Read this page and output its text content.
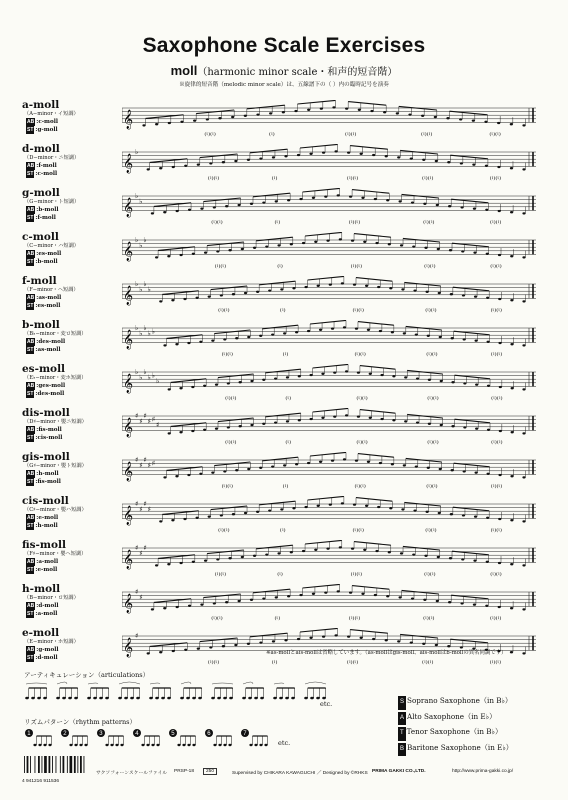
Saxophone Scale Exercises
moll（harmonic minor scale・和声的短音階）
※旋律的短音階（melodic minor scale）は、五線譜下の（ ）内の臨時記号を演奏
a-moll
（A−minor・イ短調）
AB :c-moll
ST :g-moll
𝄞
(♮)(♮)	(♮)	(♮)(♮)	(♮)(♮)	(♮)(♮)
d-moll
（D−minor・ニ短調）
AB :f-moll
ST :c-moll
𝄞
♭
(♮)(♮)	(♮)	(♮)(♮)	(♮)(♮)	(♮)(♮)
g-moll
（G−minor・ト短調）
AB :b-moll
ST :f-moll
𝄞
♭
♭
(♮)(♮)	(♮)	(♮)(♮)	(♮)(♮)	(♮)(♮)
c-moll
（C−minor・ハ短調）
AB :es-moll
ST :b-moll
𝄞
♭
♭
♭
(♮)(♮)	(♮)	(♮)(♮)	(♮)(♮)	(♮)(♮)
f-moll
（F−minor・ヘ短調）
AB :as-moll
ST :es-moll
𝄞
♭
♭
♭
♭
(♮)(♮)	(♮)	(♮)(♮)	(♮)(♮)	(♮)(♮)
b-moll
（B♭−minor・変ロ短調）
AB :des-moll
ST :as-moll
𝄞
♭
♭
♭
♭ ♭
(♮)(♮)	(♮)	(♮)(♮)	(♮)(♮)	(♮)(♮)
es-moll
（E♭−minor・変ホ短調）
AB :ges-moll
ST :des-moll
𝄞
♭
♭
♭
♭ ♭
♭
(♮)(♮)	(♮)	(♮)(♮)	(♮)(♮)	(♮)(♮)
dis-moll
（D♯−minor・嬰ニ短調）
AB :fis-moll
ST :cis-moll
𝄞
♯
♯
♯
♯ ♯
♯
(♮)(♮)	(♮)	(♮)(♮)	(♮)(♮)	(♮)(♮)
gis-moll
（G♯−minor・嬰ト短調）
AB :h-moll
ST :fis-moll
𝄞
♯
♯
♯
♯ ♯
(♮)(♮)	(♮)	(♮)(♮)	(♮)(♮)	(♮)(♮)
cis-moll
（C♯−minor・嬰ハ短調）
AB :e-moll
ST :h-moll
𝄞
♯
♯
♯
♯
(♮)(♮)	(♮)	(♮)(♮)	(♮)(♮)	(♮)(♮)
fis-moll
（F♯−minor・嬰ヘ短調）
AB :a-moll
ST :e-moll
𝄞
♯
♯
♯
(♮)(♮)	(♮)	(♮)(♮)	(♮)(♮)	(♮)(♮)
h-moll
（B−minor・ロ短調）
AB :d-moll
ST :a-moll
𝄞
♯
♯
(♮)(♮)	(♮)	(♮)(♮)	(♮)(♮)	(♮)(♮)
e-moll
（E−minor・ホ短調）
AB :g-moll
ST :d-moll
𝄞
♯
(♮)(♮)	(♮)	(♮)(♮)	(♮)(♮)	(♮)(♮)
※as-mollとais-mollは省略しています。（as-mollはgis-moll、ais-mollはb-mollの異名同調です）
アーティキュレーション（articulations）
etc.
リズムパターン（rhythm patterns）
1	2	3	4	5	6	7
etc.
S Soprano Saxophone（in B♭）
A Alto Saxophone（in E♭）
T Tenor Saxophone（in B♭）
B Baritone Saxophone（in E♭）
4 941216 911536
サクソフォーンスケールファイル PRSP-18	250	Supervised by CHIKARA KAWAGUCHI ／ Designed by ©RHKS PRIMA GAKKI CO.,LTD.	http://www.prima-gakki.co.jp/
